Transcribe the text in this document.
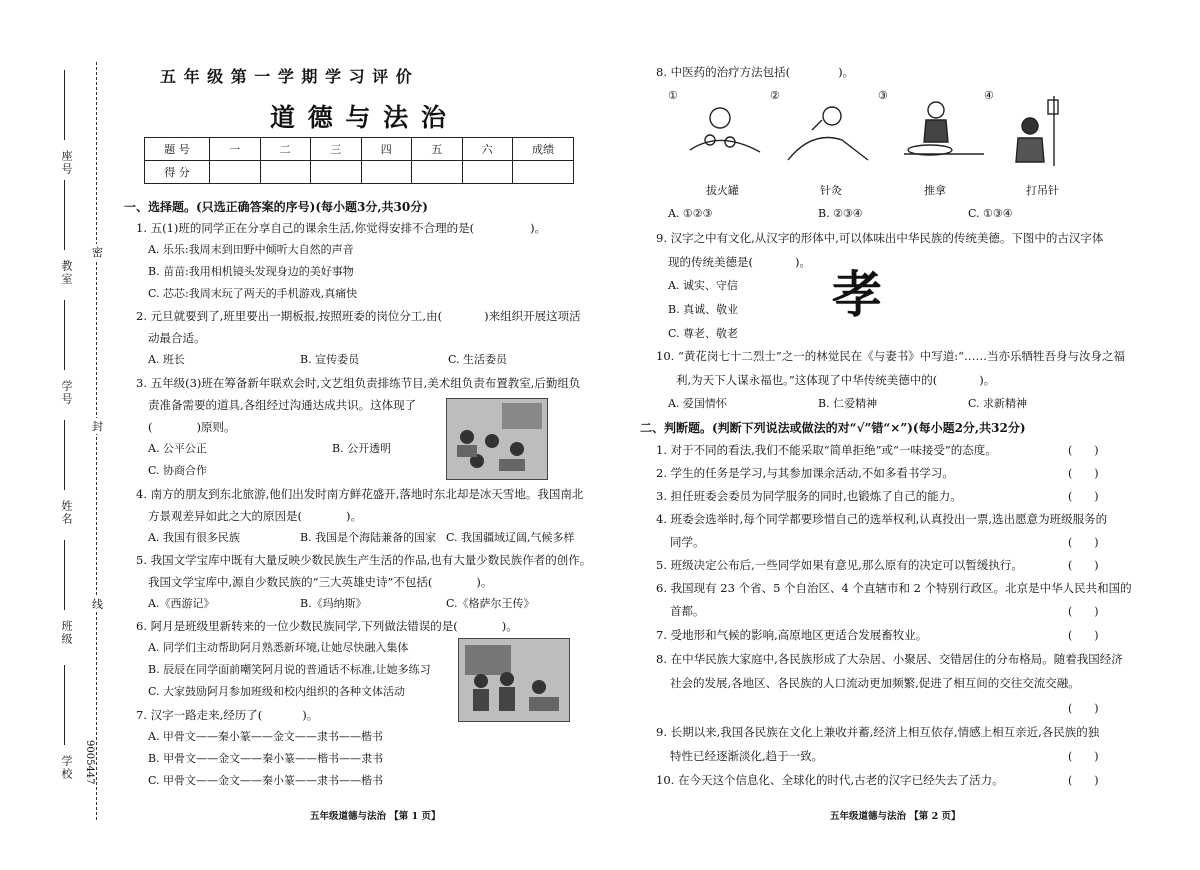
座号
教室
学号
姓名
班级
学校 9005447
密
封
线
五 年 级 第 一 学 期 学 习 评 价
道 德 与 法 治
题 号	一	二	三	四	五	六	成绩
得 分							
一、选择题。(只选正确答案的序号)(每小题3分,共30分)
1. 五(1)班的同学正在分享自己的课余生活,你觉得安排不合理的是(	)。
A. 乐乐:我周末到田野中倾听大自然的声音
B. 苗苗:我用相机镜头发现身边的美好事物
C. 芯芯:我周末玩了两天的手机游戏,真痛快
2. 元旦就要到了,班里要出一期板报,按照班委的岗位分工,由(	)来组织开展这项活
动最合适。
A. 班长	B. 宣传委员	C. 生活委员
3. 五年级(3)班在筹备新年联欢会时,文艺组负责排练节目,美术组负责布置教室,后勤组负
责准备需要的道具,各组经过沟通达成共识。这体现了
(	)原则。
A. 公平公正	B. 公开透明
C. 协商合作
4. 南方的朋友到东北旅游,他们出发时南方鲜花盛开,落地时东北却是冰天雪地。我国南北
方景观差异如此之大的原因是(	)。
A. 我国有很多民族	B. 我国是个海陆兼备的国家 C. 我国疆域辽阔,气候多样
5. 我国文学宝库中既有大量反映少数民族生产生活的作品,也有大量少数民族作者的创作。
我国文学宝库中,源自少数民族的“三大英雄史诗”不包括(	)。
A.《西游记》	B.《玛纳斯》	C.《格萨尔王传》
6. 阿月是班级里新转来的一位少数民族同学,下列做法错误的是(	)。
A. 同学们主动帮助阿月熟悉新环境,让她尽快融入集体
B. 辰辰在同学面前嘲笑阿月说的普通话不标准,让她多练习
C. 大家鼓励阿月参加班级和校内组织的各种文体活动
7. 汉字一路走来,经历了(	)。
A. 甲骨文——秦小篆——金文——隶书——楷书
B. 甲骨文——金文——秦小篆——楷书——隶书
C. 甲骨文——金文——秦小篆——隶书——楷书
五年级道德与法治 【第 1 页】
8. 中医药的治疗方法包括(	)。
①	②	③	④
拔火罐	针灸	推拿	打吊针
A. ①②③	B. ②③④	C. ①③④
9. 汉字之中有文化,从汉字的形体中,可以体味出中华民族的传统美德。下图中的古汉字体
现的传统美德是(	)。
孝
A. 诚实、守信
B. 真诚、敬业
C. 尊老、敬老
10. “黄花岗七十二烈士”之一的林觉民在《与妻书》中写道:“……当亦乐牺牲吾身与汝身之福
利,为天下人谋永福也。”这体现了中华传统美德中的(	)。
A. 爱国情怀	B. 仁爱精神	C. 求新精神
二、判断题。(判断下列说法或做法的对“√”错“×”)(每小题2分,共32分)
1. 对于不同的看法,我们不能采取“简单拒绝”或“一味接受”的态度。	(　　)
2. 学生的任务是学习,与其参加课余活动,不如多看书学习。	(　　)
3. 担任班委会委员为同学服务的同时,也锻炼了自己的能力。	(　　)
4. 班委会选举时,每个同学都要珍惜自己的选举权利,认真投出一票,选出愿意为班级服务的
同学。	(　　)
5. 班级决定公布后,一些同学如果有意见,那么原有的决定可以暂缓执行。	(　　)
6. 我国现有 23 个省、5 个自治区、4 个直辖市和 2 个特别行政区。北京是中华人民共和国的
首都。	(　　)
7. 受地形和气候的影响,高原地区更适合发展畜牧业。	(　　)
8. 在中华民族大家庭中,各民族形成了大杂居、小聚居、交错居住的分布格局。随着我国经济
社会的发展,各地区、各民族的人口流动更加频繁,促进了相互间的交往交流交融。
(　　)
9. 长期以来,我国各民族在文化上兼收并蓄,经济上相互依存,情感上相互亲近,各民族的独
特性已经逐渐淡化,趋于一致。	(　　)
10. 在今天这个信息化、全球化的时代,古老的汉字已经失去了活力。	(　　)
五年级道德与法治 【第 2 页】
